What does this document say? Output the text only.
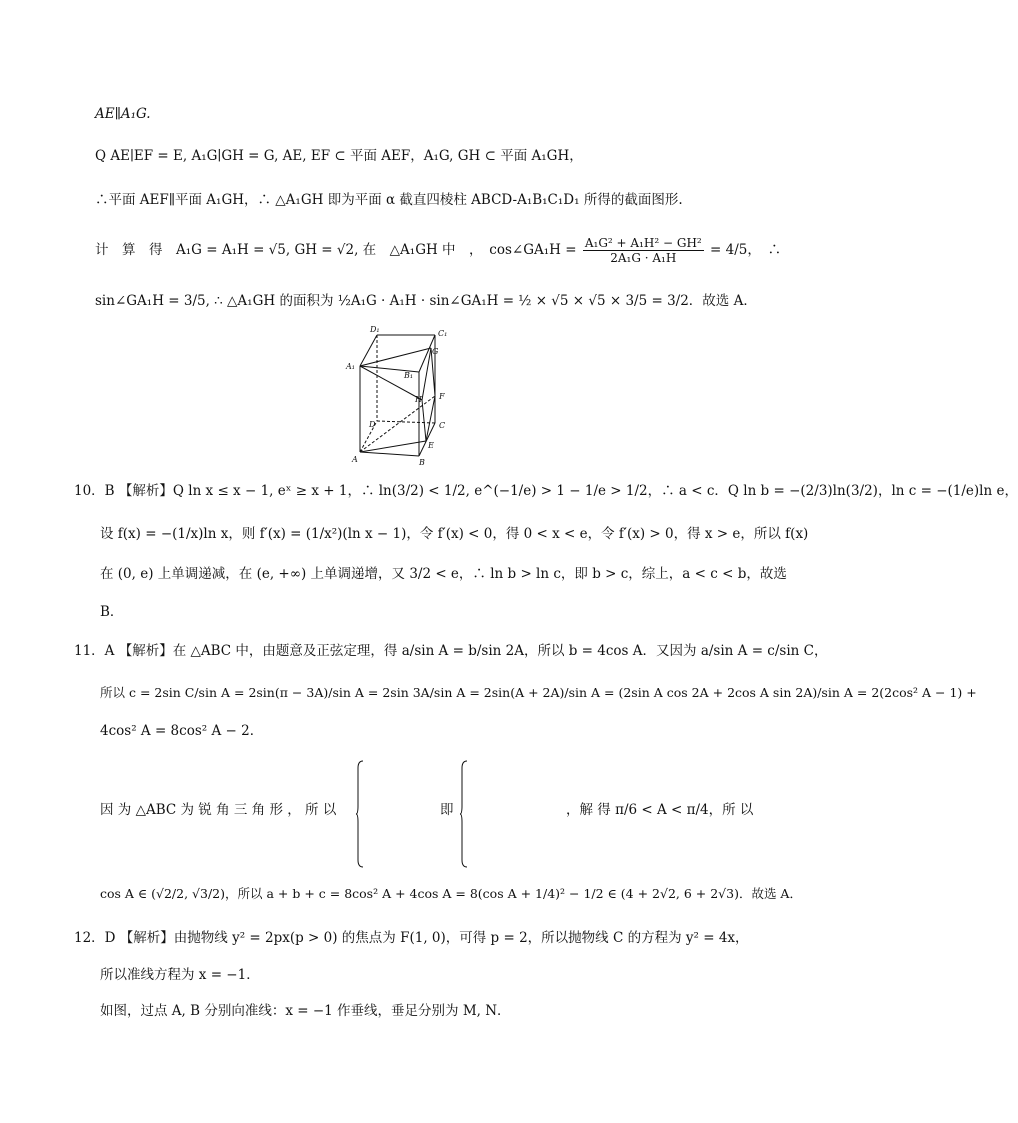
AE∥A₁G.
Q AE∣EF = E, A₁G∣GH = G, AE, EF ⊂ 平面 AEF，A₁G, GH ⊂ 平面 A₁GH，
∴平面 AEF∥平面 A₁GH，∴ △A₁GH 即为平面 α 截直四棱柱 ABCD-A₁B₁C₁D₁ 所得的截面图形.
计　算　得　A₁G = A₁H = √5, GH = √2, 在　△A₁GH 中　，　cos∠GA₁H = $\frac{\text{A₁G² + A₁H² − GH²}}{\text{2A₁G · A₁H}} = 4/5$，　∴
sin∠GA₁H = 3/5, ∴ △A₁GH 的面积为 ½A₁G · A₁H · sin∠GA₁H = ½ × √5 × √5 × 3/5 = 3/2．故选 A．
D₁	C₁
A₁
B₁
G
H F
D	C
A	B
E
10．B 【解析】Q ln x ≤ x − 1, eˣ ≥ x + 1，∴ ln(3/2) < 1/2, e^(−1/e) > 1 − 1/e > 1/2，∴ a < c．Q ln b = −(2/3)ln(3/2)，ln c = −(1/e)ln e，
设 f(x) = −(1/x)ln x，则 f′(x) = (1/x²)(ln x − 1)，令 f′(x) < 0，得 0 < x < e，令 f′(x) > 0，得 x > e，所以 f(x)
在 (0, e) 上单调递减，在 (e, +∞) 上单调递增，又 3/2 < e，∴ ln b > ln c，即 b > c，综上，a < c < b，故选
B．
11．A 【解析】在 △ABC 中，由题意及正弦定理，得 a/sin A = b/sin 2A，所以 b = 4cos A．又因为 a/sin A = c/sin C，
所以 c = 2sin C/sin A = 2sin(π − 3A)/sin A = 2sin 3A/sin A = 2sin(A + 2A)/sin A = (2sin A cos 2A + 2cos A sin 2A)/sin A = 2(2cos² A − 1) +
4cos² A = 8cos² A − 2．
因 为 △ABC 为 锐 角 三 角 形 ， 所 以	即	，解 得 π/6 < A < π/4，所 以
cos A ∈ (√2/2, √3/2)，所以 a + b + c = 8cos² A + 4cos A = 8(cos A + 1/4)² − 1/2 ∈ (4 + 2√2, 6 + 2√3)．故选 A．
12．D 【解析】由抛物线 y² = 2px(p > 0) 的焦点为 F(1, 0)，可得 p = 2，所以抛物线 C 的方程为 y² = 4x，
所以准线方程为 x = −1．
如图，过点 A, B 分别向准线：x = −1 作垂线，垂足分别为 M, N．
